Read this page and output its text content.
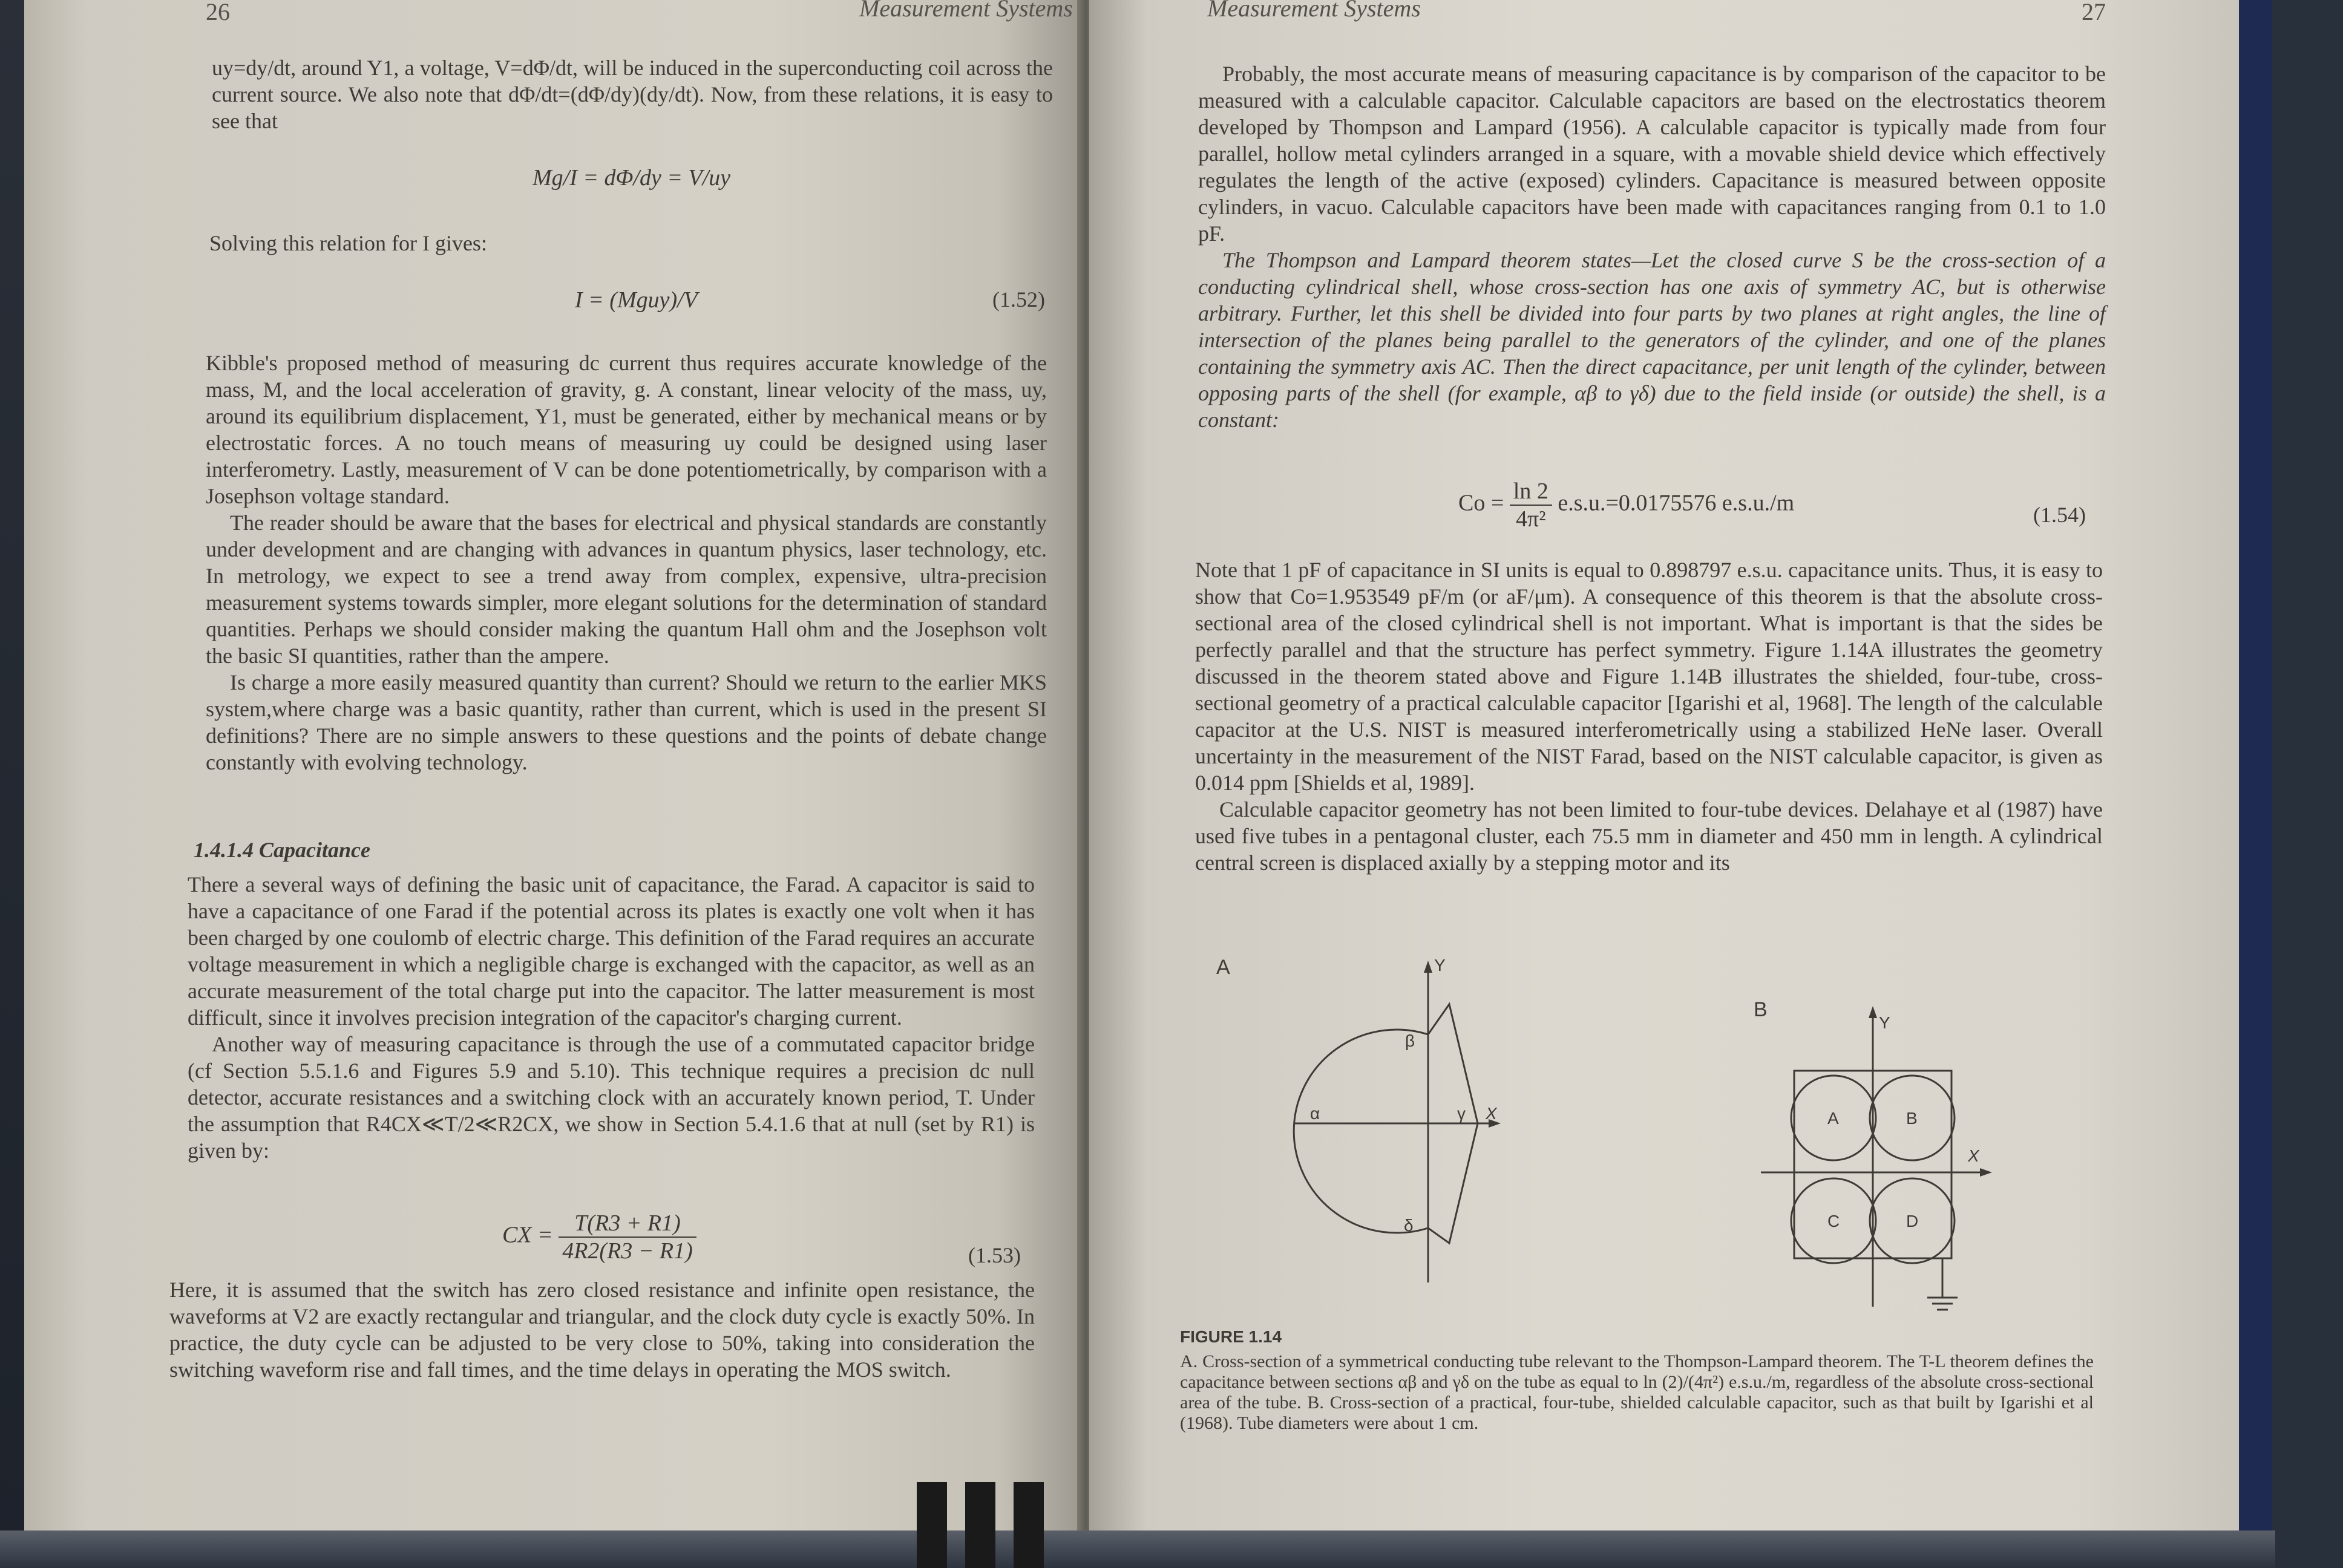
Measurement Systems
26

uy=dy/dt, around Y1, a voltage, V=dΦ/dt, will be induced in the superconducting coil across the current source. We also note that dΦ/dt=(dΦ/dy)(dy/dt). Now, from these relations, it is easy to see that

Mg/I = dΦ/dy = V/uy

Solving this relation for I gives:

I = (Mguy)/V	(1.52)

Kibble's proposed method of measuring dc current thus requires accurate knowledge of the mass, M, and the local acceleration of gravity, g. A constant, linear velocity of the mass, uy, around its equilibrium displacement, Y1, must be generated, either by mechanical means or by electrostatic forces. A no touch means of measuring uy could be designed using laser interferometry. Lastly, measurement of V can be done potentiometrically, by comparison with a Josephson voltage standard.

The reader should be aware that the bases for electrical and physical standards are constantly under development and are changing with advances in quantum physics, laser technology, etc. In metrology, we expect to see a trend away from complex, expensive, ultra-precision measurement systems towards simpler, more elegant solutions for the determination of standard quantities. Perhaps we should consider making the quantum Hall ohm and the Josephson volt the basic SI quantities, rather than the ampere.

Is charge a more easily measured quantity than current? Should we return to the earlier MKS system,where charge was a basic quantity, rather than current, which is used in the present SI definitions? There are no simple answers to these questions and the points of debate change constantly with evolving technology.

1.4.1.4 Capacitance

There a several ways of defining the basic unit of capacitance, the Farad. A capacitor is said to have a capacitance of one Farad if the potential across its plates is exactly one volt when it has been charged by one coulomb of electric charge. This definition of the Farad requires an accurate voltage measurement in which a negligible charge is exchanged with the capacitor, as well as an accurate measurement of the total charge put into the capacitor. The latter measurement is most difficult, since it involves precision integration of the capacitor's charging current.

Another way of measuring capacitance is through the use of a commutated capacitor bridge (cf Section 5.5.1.6 and Figures 5.9 and 5.10). This technique requires a precision dc null detector, accurate resistances and a switching clock with an accurately known period, T. Under the assumption that R4CX≪T/2≪R2CX, we show in Section 5.4.1.6 that at null (set by R1) is given by:

CX = $\frac{T(R3 + R1)}{4R2(R3 - R1)}$	(1.53)

Here, it is assumed that the switch has zero closed resistance and infinite open resistance, the waveforms at V2 are exactly rectangular and triangular, and the clock duty cycle is exactly 50%. In practice, the duty cycle can be adjusted to be very close to 50%, taking into consideration the switching waveform rise and fall times, and the time delays in operating the MOS switch.

Measurement Systems	27

Probably, the most accurate means of measuring capacitance is by comparison of the capacitor to be measured with a calculable capacitor. Calculable capacitors are based on the electrostatics theorem developed by Thompson and Lampard (1956). A calculable capacitor is typically made from four parallel, hollow metal cylinders arranged in a square, with a movable shield device which effectively regulates the length of the active (exposed) cylinders. Capacitance is measured between opposite cylinders, in vacuo. Calculable capacitors have been made with capacitances ranging from 0.1 to 1.0 pF.

The Thompson and Lampard theorem states—Let the closed curve S be the cross-section of a conducting cylindrical shell, whose cross-section has one axis of symmetry AC, but is otherwise arbitrary. Further, let this shell be divided into four parts by two planes at right angles, the line of intersection of the planes being parallel to the generators of the cylinder, and one of the planes containing the symmetry axis AC. Then the direct capacitance, per unit length of the cylinder, between opposing parts of the shell (for example, αβ to γδ) due to the field inside (or outside) the shell, is a constant:

$Co = \frac{\ln 2}{\text{4π²}} e.s.u.=0.0175576$ e.s.u./m	(1.54)

Note that 1 pF of capacitance in SI units is equal to 0.898797 e.s.u. capacitance units. Thus, it is easy to show that Co=1.953549 pF/m (or aF/μm). A consequence of this theorem is that the absolute cross-sectional area of the closed cylindrical shell is not important. What is important is that the sides be perfectly parallel and that the structure has perfect symmetry. Figure 1.14A illustrates the geometry discussed in the theorem stated above and Figure 1.14B illustrates the shielded, four-tube, cross-sectional geometry of a practical calculable capacitor [Igarishi et al, 1968]. The length of the calculable capacitor at the U.S. NIST is measured interferometrically using a stabilized HeNe laser. Overall uncertainty in the measurement of the NIST Farad, based on the NIST calculable capacitor, is given as 0.014 ppm [Shields et al, 1989].

Calculable capacitor geometry has not been limited to four-tube devices. Delahaye et al (1987) have used five tubes in a pentagonal cluster, each 75.5 mm in diameter and 450 mm in length. A cylindrical central screen is displaced axially by a stepping motor and its

A	Y
X
α
β
γ
δ
B
Y
X
A	B
C	D
FIGURE 1.14
A. Cross-section of a symmetrical conducting tube relevant to the Thompson-Lampard theorem. The T-L theorem defines the capacitance between sections αβ and γδ on the tube as equal to ln (2)/(4π²) e.s.u./m, regardless of the absolute cross-sectional area of the tube. B. Cross-section of a practical, four-tube, shielded calculable capacitor, such as that built by Igarishi et al (1968). Tube diameters were about 1 cm.
